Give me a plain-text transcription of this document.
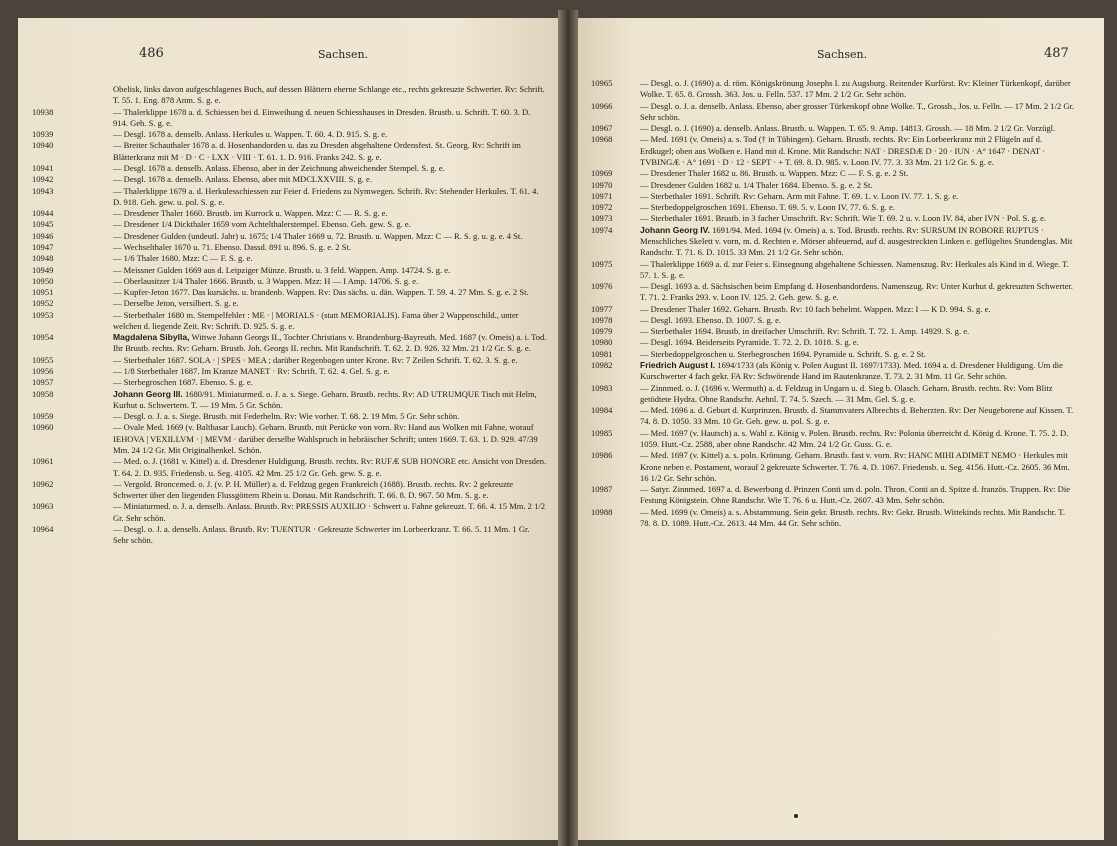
486	Sachsen.
Obelisk, links davon aufgeschlagenes Buch, auf dessen Blättern eherne Schlange etc., rechts gekreuzte Schwerter. Rv: Schrift. T. 55. 1. Eng. 878 Anm. S. g. e.
10938	— Thalerklippe 1678 a. d. Schiessen bei d. Einweihung d. neuen Schiesshauses in Dresden. Brustb. u. Schrift. T. 60. 3. D. 914. Geh. S. g. e.
10939	— Desgl. 1678 a. denselb. Anlass. Herkules u. Wappen. T. 60. 4. D. 915. S. g. e.
10940	— Breiter Schauthaler 1678 a. d. Hosenbandorden u. das zu Dresden abgehaltene Ordensfest. St. Georg. Rv: Schrift im Blätterkranz mit M · D · C · LXX · VIII · T. 61. 1. D. 916. Franks 242. S. g. e.
10941	— Desgl. 1678 a. denselb. Anlass. Ebenso, aber in der Zeichnung abweichender Stempel. S. g. e.
10942	— Desgl. 1678 a. denselb. Anlass. Ebenso, aber mit MDCLXXVIII. S. g. e.
10943	— Thalerklippe 1679 a. d. Herkulesschiessen zur Feier d. Friedens zu Nymwegen. Schrift. Rv: Stehender Herkules. T. 61. 4. D. 918. Geh. gew. u. pol. S. g. e.
10944	— Dresdener Thaler 1660. Brustb. im Kurrock u. Wappen. Mzz: C — R. S. g. e.
10945	— Dresdener 1/4 Dickthaler 1659 vom Achtelthalerstempel. Ebenso. Geh. gew. S. g. e.
10946	— Dresdener Gulden (undeutl. Jahr) u. 1675; 1/4 Thaler 1669 u. 72. Brustb. u. Wappen. Mzz: C — R. S. g. u. g. e. 4 St.
10947	— Wechselthaler 1670 u. 71. Ebenso. Dassd. 891 u. 896. S. g. e. 2 St.
10948	— 1/6 Thaler 1680. Mzz: C — F. S. g. e.
10949	— Meissner Gulden 1669 aus d. Leipziger Münze. Brustb. u. 3 feld. Wappen. Amp. 14724. S. g. e.
10950	— Oberlausitzer 1/4 Thaler 1666. Brustb. u. 3 Wappen. Mzz: H — I Amp. 14706. S. g. e.
10951	— Kupfer-Jeton 1677. Das kursächs. u. brandenb. Wappen. Rv: Das sächs. u. dän. Wappen. T. 59. 4. 27 Mm. S. g. e. 2 St.
10952	— Derselbe Jeton, versilbert. S. g. e.
10953	— Sterbethaler 1680 m. Stempelfehler : ME · | MORIALS · (statt MEMORIALIS). Fama über 2 Wappenschild., unter welchen d. liegende Zeit. Rv: Schrift. D. 925. S. g. e.
10954	Magdalena Sibylla, Wittwe Johann Georgs II., Tochter Christians v. Brandenburg-Bayreuth. Med. 1687 (v. Omeis) a. i. Tod. Ihr Brustb. rechts. Rv: Geharn. Brustb. Joh. Georgs II. rechts. Mit Randschrift. T. 62. 2. D. 926. 32 Mm. 21 1/2 Gr. S. g. e.
10955	— Sterbethaler 1687. SOLA · | SPES · MEA ; darüber Regenbogen unter Krone. Rv: 7 Zeilen Schrift. T. 62. 3. S. g. e.
10956	— 1/8 Sterbethaler 1687. Im Kranze MANET · Rv: Schrift. T. 62. 4. Gel. S. g. e.
10957	— Sterbegroschen 1687. Ebenso. S. g. e.
10958	Johann Georg III. 1680/91. Miniaturmed. o. J. a. s. Siege. Geharn. Brustb. rechts. Rv: AD UTRUMQUE Tisch mit Helm, Kurhut u. Schwertern. T. — 19 Mm. 5 Gr. Schön.
10959	— Desgl. o. J. a. s. Siege. Brustb. mit Federhelm. Rv: Wie vorher. T. 68. 2. 19 Mm. 5 Gr. Sehr schön.
10960	— Ovale Med. 1669 (v. Balthasar Lauch). Geharn. Brustb. mit Perücke von vorn. Rv: Hand aus Wolken mit Fahne, worauf IEHOVA | VEXILLVM · | MEVM · darüber derselbe Wahlspruch in hebräischer Schrift; unten 1669. T. 63. 1. D. 929. 47/39 Mm. 24 1/2 Gr. Mit Originalhenkel. Schön.
10961	— Med. o. J. (1681 v. Kittel) a. d. Dresdener Huldigung. Brustb. rechts. Rv: RUFÆ SUB HONORE etc. Ansicht von Dresden. T. 64. 2. D. 935. Friedensb. u. Seg. 4105. 42 Mm. 25 1/2 Gr. Geh. gew. S. g. e.
10962	— Vergold. Broncemed. o. J. (v. P. H. Müller) a. d. Feldzug gegen Frankreich (1688). Brustb. rechts. Rv: 2 gekreuzte Schwerter über den liegenden Flussgöttern Rhein u. Donau. Mit Randschrift. T. 66. 8. D. 967. 50 Mm. S. g. e.
10963	— Miniaturmed. o. J. a. denselb. Anlass. Brustb. Rv: PRESSIS AUXILIO · Schwert u. Fahne gekreuzt. T. 66. 4. 15 Mm. 2 1/2 Gr. Sehr schön.
10964	— Desgl. o. J. a. denselb. Anlass. Brustb. Rv: TUENTUR · Gekreuzte Schwerter im Lorbeerkranz. T. 66. 5. 11 Mm. 1 Gr. Sehr schön.
Sachsen.	487
10965	— Desgl. o. J. (1690) a. d. röm. Königskrönung Josephs I. zu Augsburg. Reitender Kurfürst. Rv: Kleiner Türkenkopf, darüber Wolke. T. 65. 8. Grossh. 363. Jos. u. Felln. 537. 17 Mm. 2 1/2 Gr. Sehr schön.
10966	— Desgl. o. J. a. denselb. Anlass. Ebenso, aber grosser Türkenkopf ohne Wolke. T., Grossh., Jos. u. Felln. — 17 Mm. 2 1/2 Gr. Sehr schön.
10967	— Desgl. o. J. (1690) a. denselb. Anlass. Brustb. u. Wappen. T. 65. 9. Amp. 14813. Grossh. — 18 Mm. 2 1/2 Gr. Vorzügl.
10968	— Med. 1691 (v. Omeis) a. s. Tod († in Tübingen). Geharn. Brustb. rechts. Rv: Ein Lorbeerkranz mit 2 Flügeln auf d. Erdkugel; oben aus Wolken e. Hand mit d. Krone. Mit Randschr: NAT · DRESDÆ D · 20 · IUN · A° 1647 · DENAT · TVBINGÆ · A° 1691 · D · 12 · SEPT · + T. 69. 8. D. 985. v. Loon IV. 77. 3. 33 Mm. 21 1/2 Gr. S. g. e.
10969	— Dresdener Thaler 1682 u. 86. Brustb. u. Wappen. Mzz: C — F. S. g. e. 2 St.
10970	— Dresdener Gulden 1682 u. 1/4 Thaler 1684. Ebenso. S. g. e. 2 St.
10971	— Sterbethaler 1691. Schrift. Rv: Geharn. Arm mit Fahne. T. 69. 1. v. Loon IV. 77. 1. S. g. e.
10972	— Sterbedoppelgroschen 1691. Ebenso. T. 69. 5. v. Loon IV. 77. 6. S. g. e.
10973	— Sterbethaler 1691. Brustb. in 3 facher Umschrift. Rv: Schrift. Wie T. 69. 2 u. v. Loon IV. 84, aber IVN · Pol. S. g. e.
10974	Johann Georg IV. 1691/94. Med. 1694 (v. Omeis) a. s. Tod. Brustb. rechts. Rv: SURSUM IN ROBORE RUPTUS · Menschliches Skelett v. vorn, m. d. Rechten e. Mörser abfeuernd, auf d. ausgestreckten Linken e. geflügeltes Stundenglas. Mit Randschr. T. 71. 6. D. 1015. 33 Mm. 21 1/2 Gr. Sehr schön.
10975	— Thalerklippe 1669 a. d. zur Feier s. Einsegnung abgehaltene Schiessen. Namenszug. Rv: Herkules als Kind in d. Wiege. T. 57. 1. S. g. e.
10976	— Desgl. 1693 a. d. Sächsischen beim Empfang d. Hosenbandordens. Namenszug. Rv: Unter Kurhut d. gekreuzten Schwerter. T. 71. 2. Franks 293. v. Loon IV. 125. 2. Geh. gew. S. g. e.
10977	— Dresdener Thaler 1692. Geharn. Brustb. Rv: 10 fach behelmt. Wappen. Mzz: I — K D. 994. S. g. e.
10978	— Desgl. 1693. Ebenso. D. 1007. S. g. e.
10979	— Sterbethaler 1694. Brustb. in dreifacher Umschrift. Rv: Schrift. T. 72. 1. Amp. 14929. S. g. e.
10980	— Desgl. 1694. Beiderseits Pyramide. T. 72. 2. D. 1018. S. g. e.
10981	— Sterbedoppelgroschen u. Sterbegroschen 1694. Pyramide u. Schrift. S. g. e. 2 St.
10982	Friedrich August I. 1694/1733 (als König v. Polen August II. 1697/1733). Med. 1694 a. d. Dresdener Huldigung. Um die Kurschwerter 4 fach gekr. FA Rv: Schwörende Hand im Rautenkranze. T. 73. 2. 31 Mm. 11 Gr. Sehr schön.
10983	— Zinnmed. o. J. (1696 v. Wermuth) a. d. Feldzug in Ungarn u. d. Sieg b. Olasch. Geharn. Brustb. rechts. Rv: Vom Blitz getödtete Hydra. Ohne Randschr. Aehnl. T. 74. 5. Szech. — 31 Mm. Gel. S. g. e.
10984	— Med. 1696 a. d. Geburt d. Kurprinzen. Brustb. d. Stammvaters Albrechts d. Beherzten. Rv: Der Neugeborene auf Kissen. T. 74. 8. D. 1050. 33 Mm. 10 Gr. Geh. gew. u. pol. S. g. e.
10985	— Med. 1697 (v. Hautsch) a. s. Wahl z. König v. Polen. Brustb. rechts. Rv: Polonia überreicht d. König d. Krone. T. 75. 2. D. 1059. Hutt.-Cz. 2588, aber ohne Randschr. 42 Mm. 24 1/2 Gr. Guss. G. e.
10986	— Med. 1697 (v. Kittel) a. s. poln. Krönung. Geharn. Brustb. fast v. vorn. Rv: HANC MIHI ADIMET NEMO · Herkules mit Krone neben e. Postament, worauf 2 gekreuzte Schwerter. T. 76. 4. D. 1067. Friedensb. u. Seg. 4156. Hutt.-Cz. 2605. 36 Mm. 16 1/2 Gr. Sehr schön.
10987	— Satyr. Zinnmed. 1697 a. d. Bewerbung d. Prinzen Conti um d. poln. Thron. Conti an d. Spitze d. französ. Truppen. Rv: Die Festung Königstein. Ohne Randschr. Wie T. 76. 6 u. Hutt.-Cz. 2607. 43 Mm. Sehr schön.
10988	— Med. 1699 (v. Omeis) a. s. Abstammung. Sein gekr. Brustb. rechts. Rv: Gekr. Brustb. Wittekinds rechts. Mit Randschr. T. 78. 8. D. 1089. Hutt.-Cz. 2613. 44 Mm. 44 Gr. Sehr schön.
